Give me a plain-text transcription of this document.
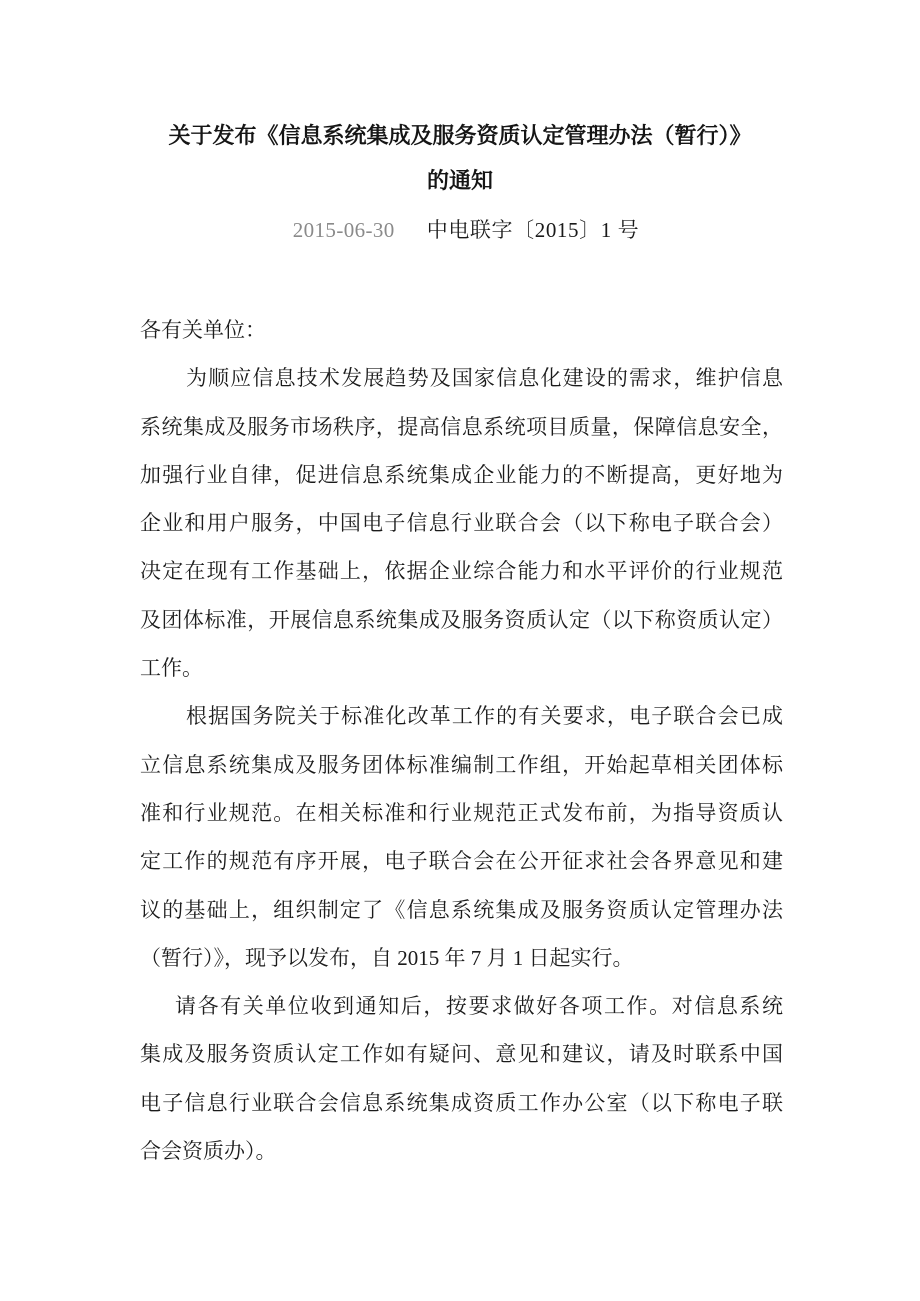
关于发布《信息系统集成及服务资质认定管理办法（暂行）》
的通知
2015-06-30 中电联字〔2015〕1 号
各有关单位：
为顺应信息技术发展趋势及国家信息化建设的需求，维护信息
系统集成及服务市场秩序，提高信息系统项目质量，保障信息安全，
加强行业自律，促进信息系统集成企业能力的不断提高，更好地为
企业和用户服务，中国电子信息行业联合会（以下称电子联合会）
决定在现有工作基础上，依据企业综合能力和水平评价的行业规范
及团体标准，开展信息系统集成及服务资质认定（以下称资质认定）
工作。
根据国务院关于标准化改革工作的有关要求，电子联合会已成
立信息系统集成及服务团体标准编制工作组，开始起草相关团体标
准和行业规范。在相关标准和行业规范正式发布前，为指导资质认
定工作的规范有序开展，电子联合会在公开征求社会各界意见和建
议的基础上，组织制定了《信息系统集成及服务资质认定管理办法
（暂行）》，现予以发布，自 2015 年 7 月 1 日起实行。
请各有关单位收到通知后，按要求做好各项工作。对信息系统
集成及服务资质认定工作如有疑问、意见和建议，请及时联系中国
电子信息行业联合会信息系统集成资质工作办公室（以下称电子联
合会资质办）。
